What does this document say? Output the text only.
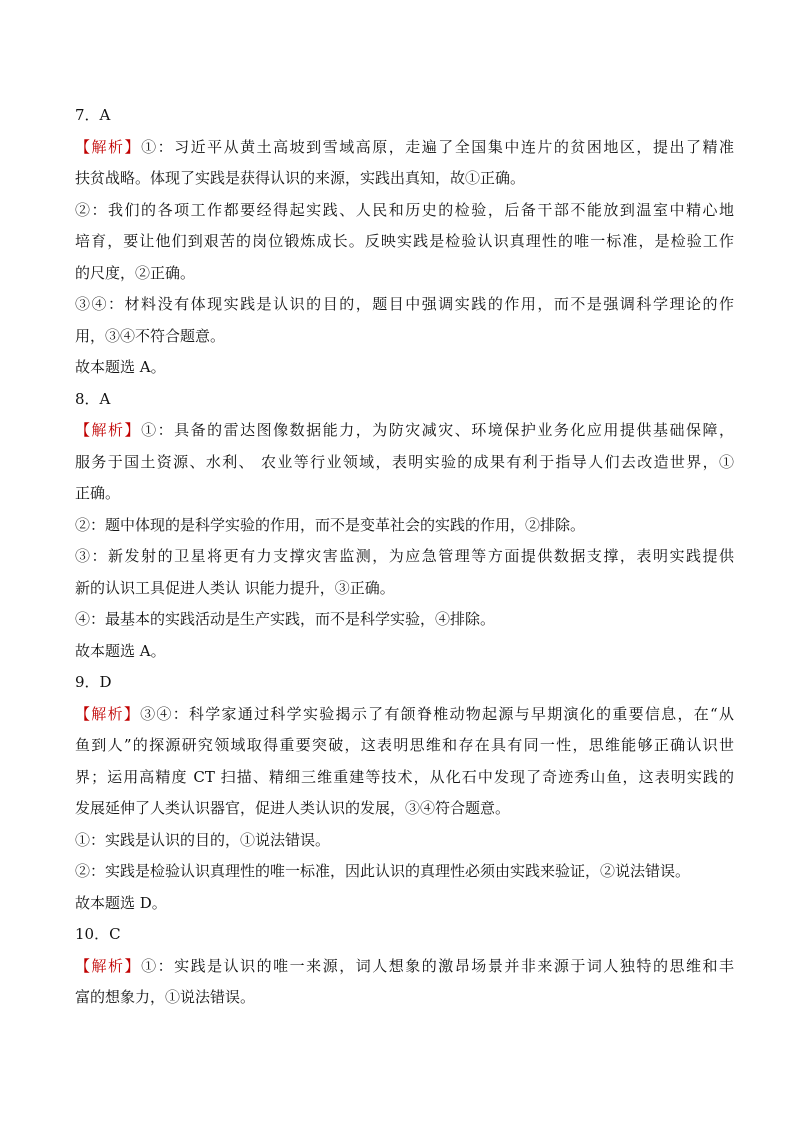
7．A
【解析】①：习近平从黄土高坡到雪域高原，走遍了全国集中连片的贫困地区，提出了精准
扶贫战略。体现了实践是获得认识的来源，实践出真知，故①正确。
②：我们的各项工作都要经得起实践、人民和历史的检验，后备干部不能放到温室中精心地
培育，要让他们到艰苦的岗位锻炼成长。反映实践是检验认识真理性的唯一标准，是检验工作
的尺度，②正确。
③④：材料没有体现实践是认识的目的，题目中强调实践的作用，而不是强调科学理论的作
用，③④不符合题意。
故本题选 A。
8．A
【解析】①：具备的雷达图像数据能力，为防灾减灾、环境保护业务化应用提供基础保障，
服务于国土资源、水利、 农业等行业领域，表明实验的成果有利于指导人们去改造世界，①
正确。
②：题中体现的是科学实验的作用，而不是变革社会的实践的作用，②排除。
③：新发射的卫星将更有力支撑灾害监测，为应急管理等方面提供数据支撑，表明实践提供
新的认识工具促进人类认 识能力提升，③正确。
④：最基本的实践活动是生产实践，而不是科学实验，④排除。
故本题选 A。
9．D
【解析】③④：科学家通过科学实验揭示了有颌脊椎动物起源与早期演化的重要信息，在“从
鱼到人”的探源研究领域取得重要突破，这表明思维和存在具有同一性，思维能够正确认识世
界；运用高精度 CT 扫描、精细三维重建等技术，从化石中发现了奇迹秀山鱼，这表明实践的
发展延伸了人类认识器官，促进人类认识的发展，③④符合题意。
①：实践是认识的目的，①说法错误。
②：实践是检验认识真理性的唯一标准，因此认识的真理性必须由实践来验证，②说法错误。
故本题选 D。
10．C
【解析】①：实践是认识的唯一来源，词人想象的激昂场景并非来源于词人独特的思维和丰
富的想象力，①说法错误。
